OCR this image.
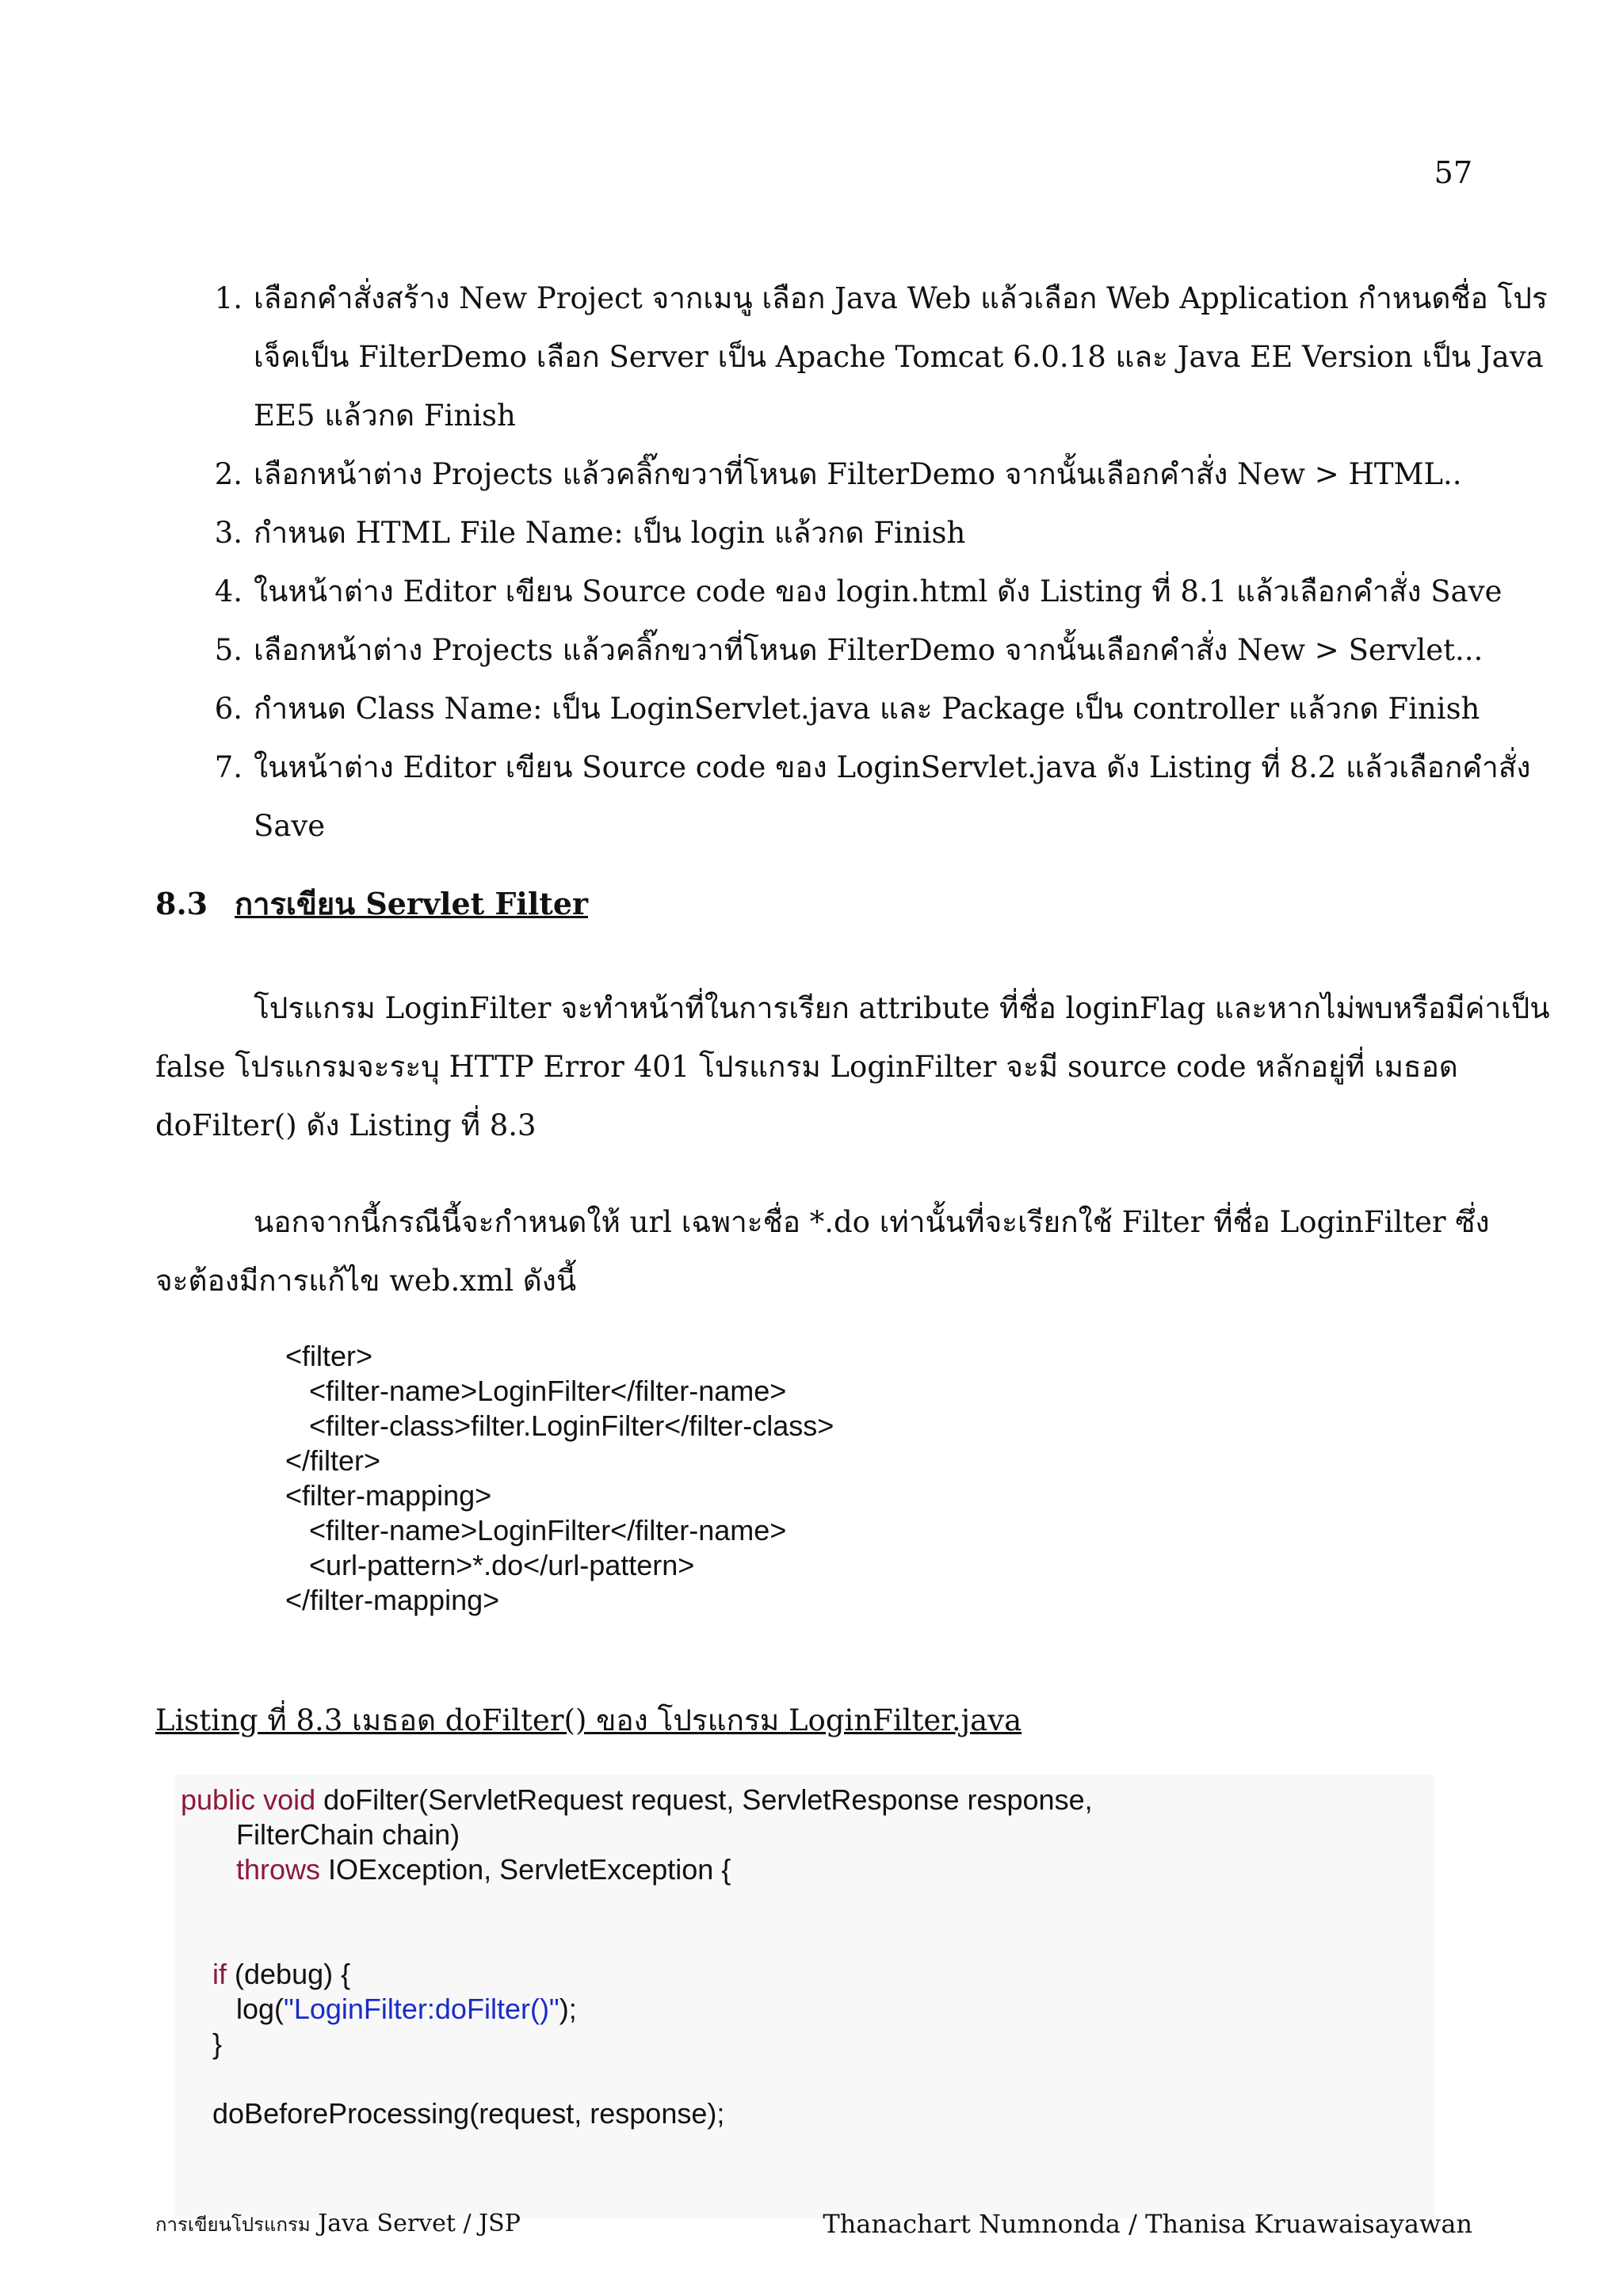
57
1. เลือกคำสั่งสร้าง New Project จากเมนู เลือก Java Web แล้วเลือก Web Application กำหนดชื่อ โปร
เจ็คเป็น FilterDemo เลือก Server เป็น Apache Tomcat 6.0.18 และ Java EE Version เป็น Java
EE5 แล้วกด Finish
2. เลือกหน้าต่าง Projects แล้วคลิ๊กขวาที่โหนด FilterDemo จากนั้นเลือกคำสั่ง New > HTML..
3. กำหนด HTML File Name: เป็น login แล้วกด Finish
4. ในหน้าต่าง Editor เขียน Source code ของ login.html ดัง Listing ที่ 8.1 แล้วเลือกคำสั่ง Save
5. เลือกหน้าต่าง Projects แล้วคลิ๊กขวาที่โหนด FilterDemo จากนั้นเลือกคำสั่ง New > Servlet...
6. กำหนด Class Name: เป็น LoginServlet.java และ Package เป็น controller แล้วกด Finish
7. ในหน้าต่าง Editor เขียน Source code ของ LoginServlet.java ดัง Listing ที่ 8.2 แล้วเลือกคำสั่ง
Save
8.3 การเขียน Servlet Filter
โปรแกรม LoginFilter จะทำหน้าที่ในการเรียก attribute ที่ชื่อ loginFlag และหากไม่พบหรือมีค่าเป็น
false โปรแกรมจะระบุ HTTP Error 401 โปรแกรม LoginFilter จะมี source code หลักอยู่ที่ เมธอด
doFilter() ดัง Listing ที่ 8.3
นอกจากนี้กรณีนี้จะกำหนดให้ url เฉพาะชื่อ *.do เท่านั้นที่จะเรียกใช้ Filter ที่ชื่อ LoginFilter ซึ่ง
จะต้องมีการแก้ไข web.xml ดังนี้
<filter>
<filter-name>LoginFilter</filter-name>
<filter-class>filter.LoginFilter</filter-class>
</filter>
<filter-mapping>
<filter-name>LoginFilter</filter-name>
<url-pattern>*.do</url-pattern>
</filter-mapping>
Listing ที่ 8.3 เมธอด doFilter() ของ โปรแกรม LoginFilter.java
public void doFilter(ServletRequest request, ServletResponse response,
FilterChain chain)
throws IOException, ServletException {
if (debug) {
log("LoginFilter:doFilter()");
}
doBeforeProcessing(request, response);
การเขียนโปรแกรม Java Servet / JSP	Thanachart Numnonda / Thanisa Kruawaisayawan
